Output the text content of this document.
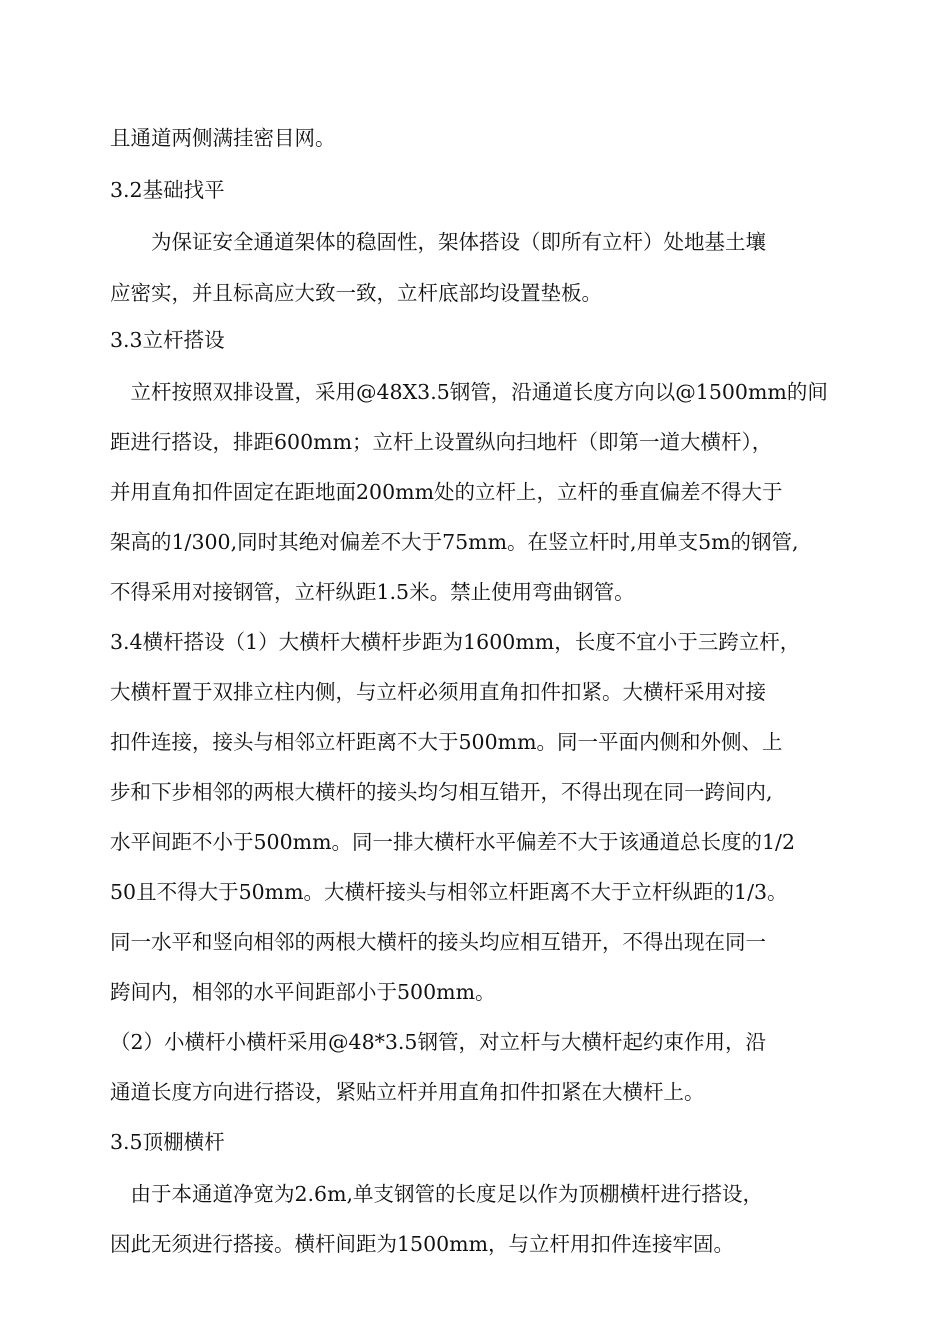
且通道两侧满挂密目网。
3.2基础找平
　　为保证安全通道架体的稳固性，架体搭设（即所有立杆）处地基土壤
应密实，并且标高应大致一致，立杆底部均设置垫板。
3.3立杆搭设
　立杆按照双排设置，采用@48X3.5钢管，沿通道长度方向以@1500mm的间
距进行搭设，排距600mm；立杆上设置纵向扫地杆（即第一道大横杆），
并用直角扣件固定在距地面200mm处的立杆上，立杆的垂直偏差不得大于
架高的1/300,同时其绝对偏差不大于75mm。在竖立杆时,用单支5m的钢管,
不得采用对接钢管，立杆纵距1.5米。禁止使用弯曲钢管。
3.4横杆搭设（1）大横杆大横杆步距为1600mm，长度不宜小于三跨立杆，
大横杆置于双排立柱内侧，与立杆必须用直角扣件扣紧。大横杆采用对接
扣件连接，接头与相邻立杆距离不大于500mm。同一平面内侧和外侧、上
步和下步相邻的两根大横杆的接头均匀相互错开，不得出现在同一跨间内,
水平间距不小于500mm。同一排大横杆水平偏差不大于该通道总长度的1/2
50且不得大于50mm。大横杆接头与相邻立杆距离不大于立杆纵距的1/3。
同一水平和竖向相邻的两根大横杆的接头均应相互错开，不得出现在同一
跨间内，相邻的水平间距部小于500mm。
（2）小横杆小横杆采用@48*3.5钢管，对立杆与大横杆起约束作用，沿
通道长度方向进行搭设，紧贴立杆并用直角扣件扣紧在大横杆上。
3.5顶棚横杆
　由于本通道净宽为2.6m,单支钢管的长度足以作为顶棚横杆进行搭设，
因此无须进行搭接。横杆间距为1500mm，与立杆用扣件连接牢固。
